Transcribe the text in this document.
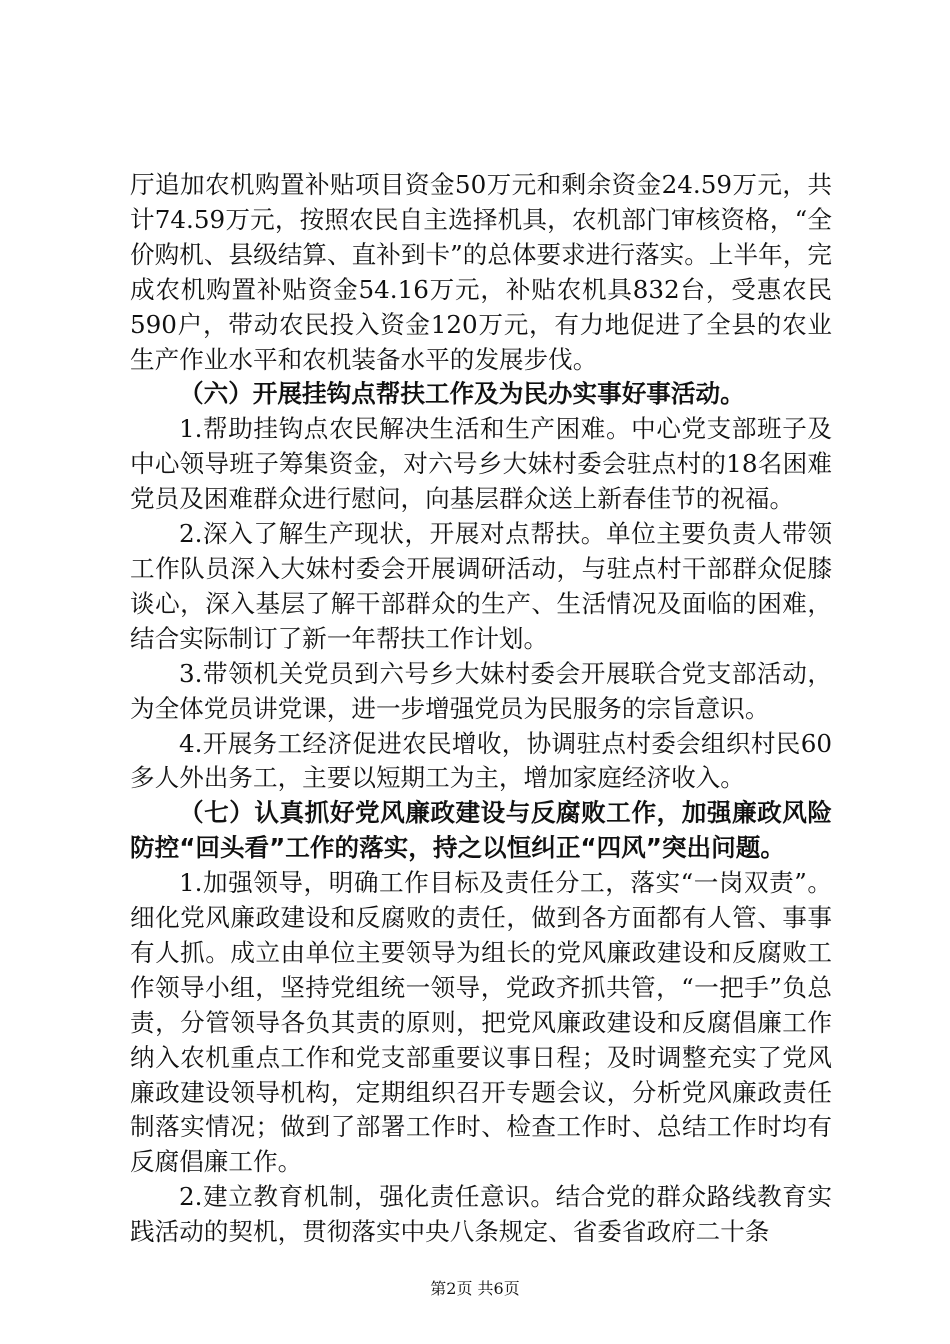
厅追加农机购置补贴项目资金50万元和剩余资金24.59万元，共计74.59万元，按照农民自主选择机具，农机部门审核资格，“全价购机、县级结算、直补到卡”的总体要求进行落实。上半年，完成农机购置补贴资金54.16万元，补贴农机具832台，受惠农民590户，带动农民投入资金120万元，有力地促进了全县的农业生产作业水平和农机装备水平的发展步伐。

（六）开展挂钩点帮扶工作及为民办实事好事活动。

1.帮助挂钩点农民解决生活和生产困难。中心党支部班子及中心领导班子筹集资金，对六号乡大妹村委会驻点村的18名困难党员及困难群众进行慰问，向基层群众送上新春佳节的祝福。

2.深入了解生产现状，开展对点帮扶。单位主要负责人带领工作队员深入大妹村委会开展调研活动，与驻点村干部群众促膝谈心，深入基层了解干部群众的生产、生活情况及面临的困难，结合实际制订了新一年帮扶工作计划。

3.带领机关党员到六号乡大妹村委会开展联合党支部活动，为全体党员讲党课，进一步增强党员为民服务的宗旨意识。

4.开展务工经济促进农民增收，协调驻点村委会组织村民60多人外出务工，主要以短期工为主，增加家庭经济收入。

（七）认真抓好党风廉政建设与反腐败工作，加强廉政风险防控“回头看”工作的落实，持之以恒纠正“四风”突出问题。

1.加强领导，明确工作目标及责任分工，落实“一岗双责”。细化党风廉政建设和反腐败的责任，做到各方面都有人管、事事有人抓。成立由单位主要领导为组长的党风廉政建设和反腐败工作领导小组，坚持党组统一领导，党政齐抓共管，“一把手”负总责，分管领导各负其责的原则，把党风廉政建设和反腐倡廉工作纳入农机重点工作和党支部重要议事日程；及时调整充实了党风廉政建设领导机构，定期组织召开专题会议，分析党风廉政责任制落实情况；做到了部署工作时、检查工作时、总结工作时均有反腐倡廉工作。

2.建立教育机制，强化责任意识。结合党的群众路线教育实践活动的契机，贯彻落实中央八条规定、省委省政府二十条

第2页 共6页
